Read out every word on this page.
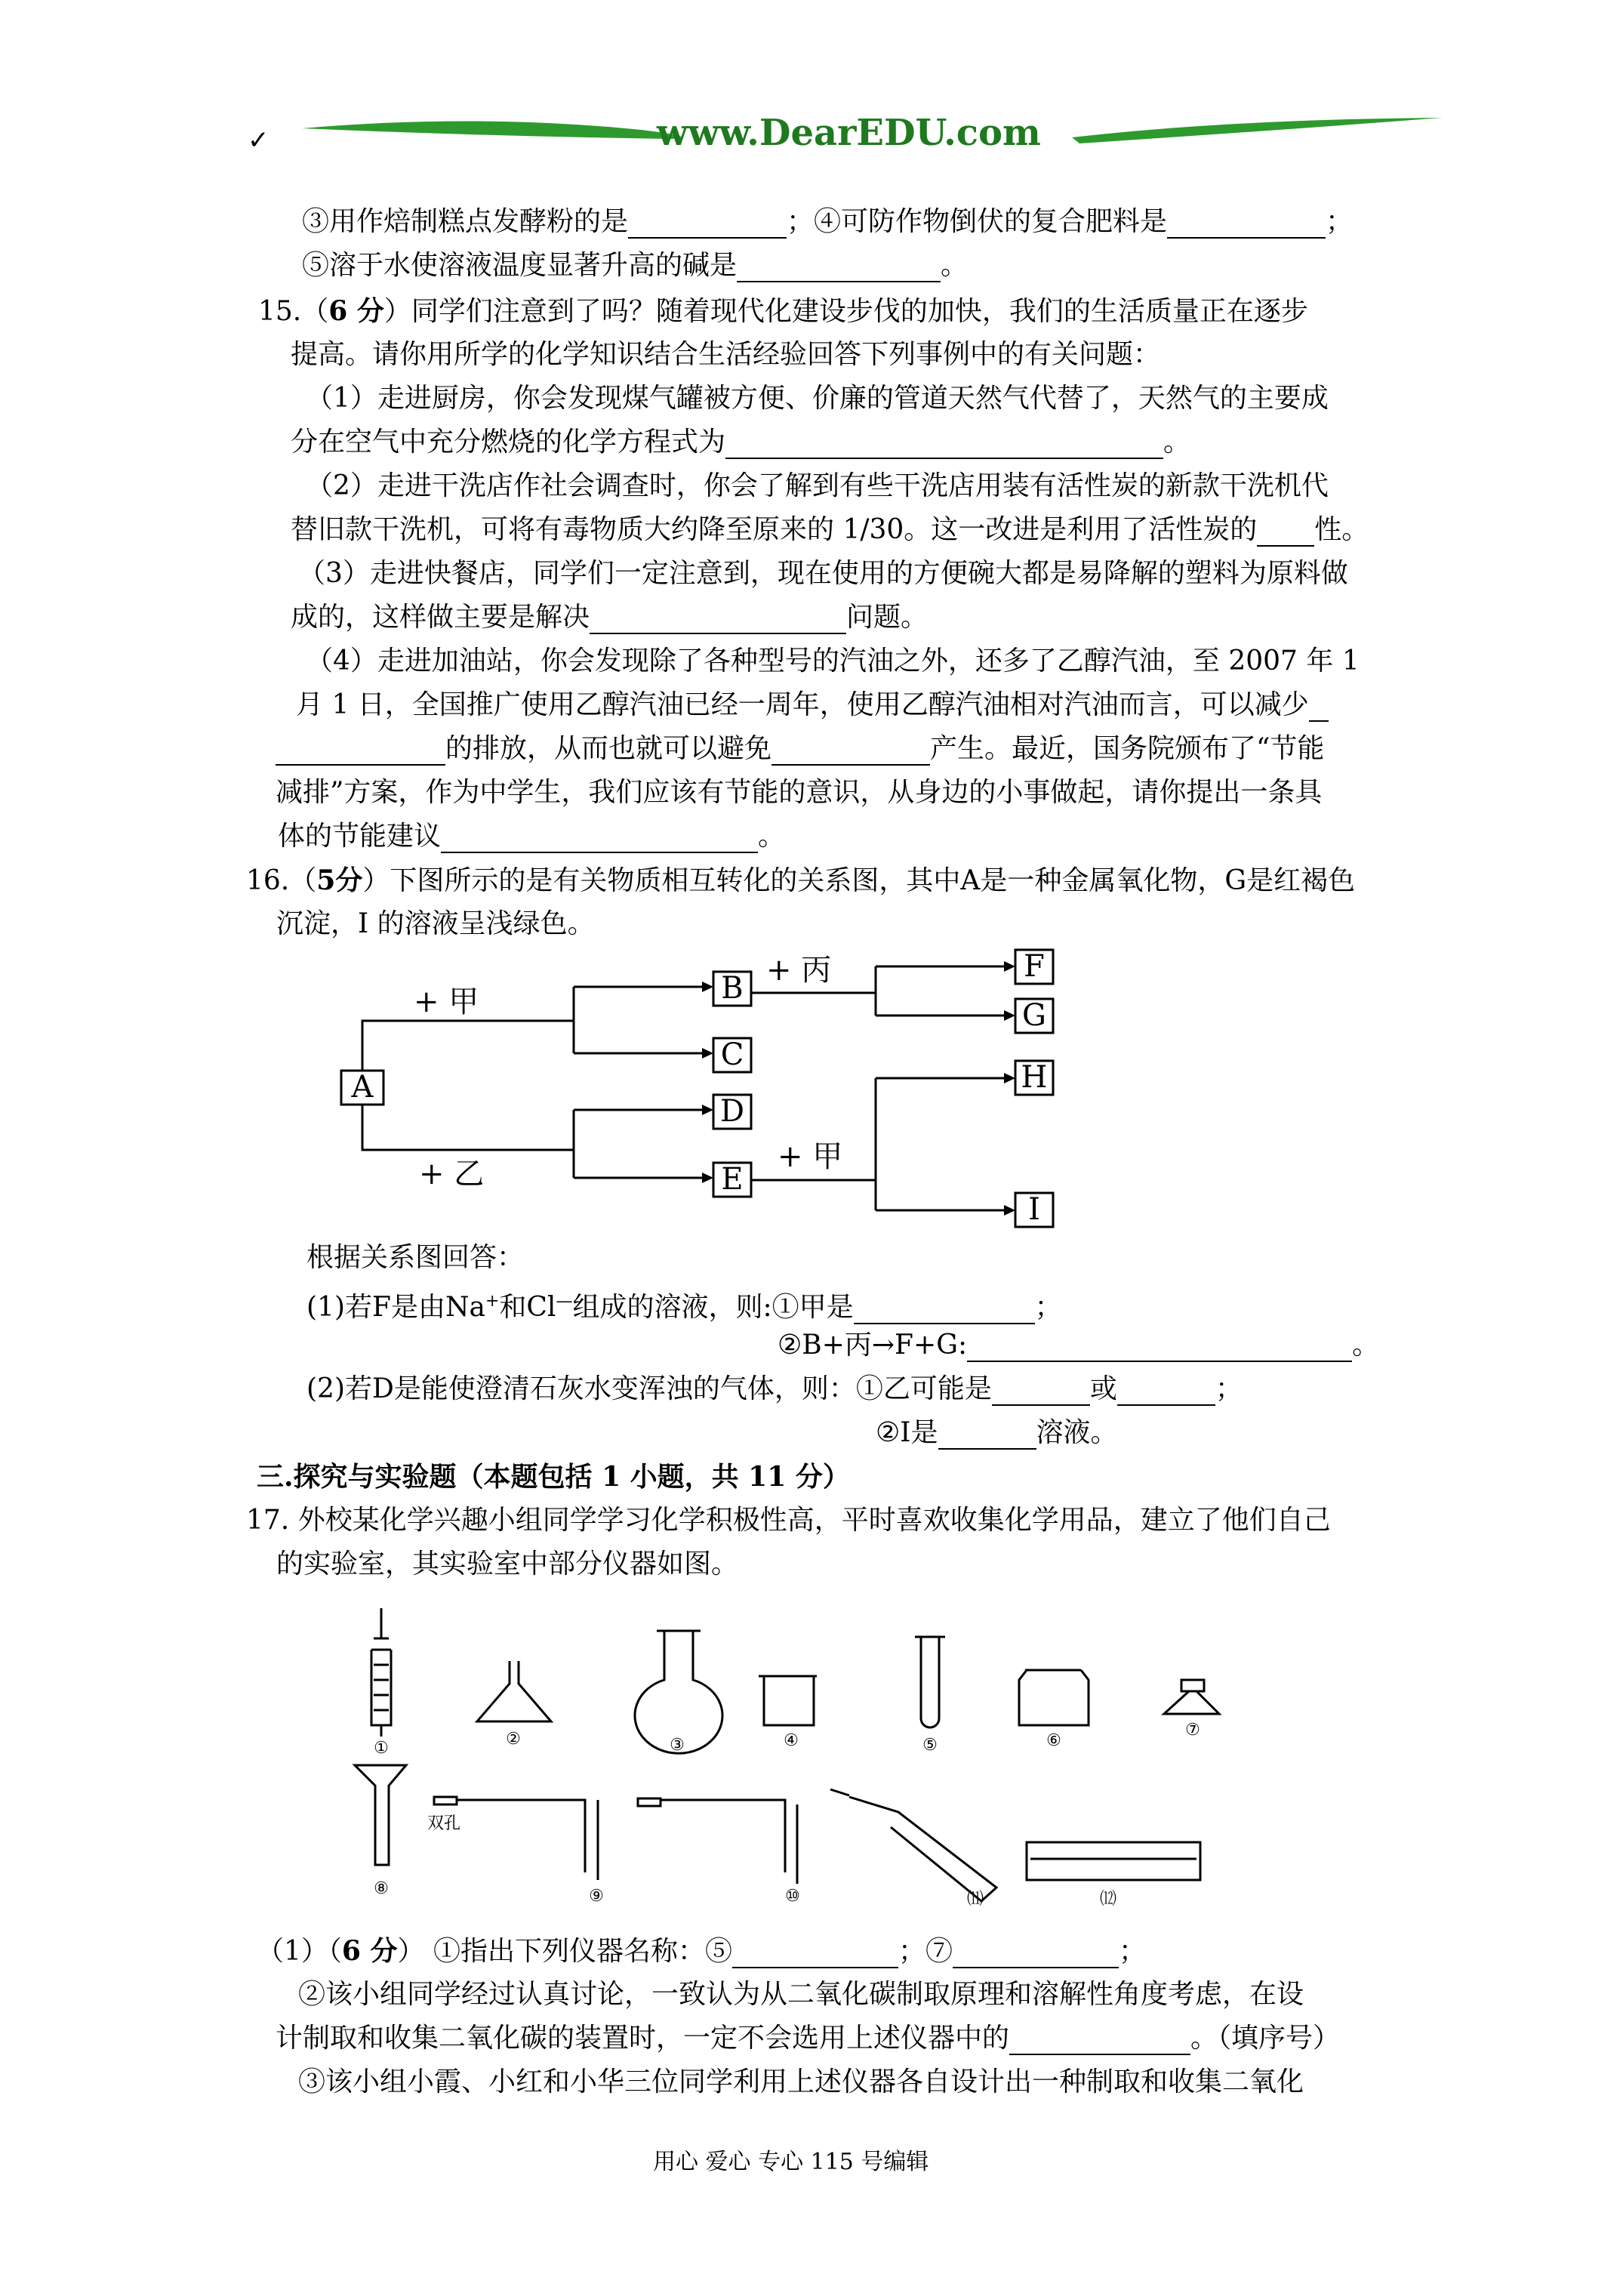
✓	www.DearEDU.com
③用作焙制糕点发酵粉的是	；④可防作物倒伏的复合肥料是	；
⑤溶于水使溶液温度显著升高的碱是	。
15.（6 分）同学们注意到了吗？随着现代化建设步伐的加快，我们的生活质量正在逐步
提高。请你用所学的化学知识结合生活经验回答下列事例中的有关问题：
（1）走进厨房，你会发现煤气罐被方便、价廉的管道天然气代替了，天然气的主要成
分在空气中充分燃烧的化学方程式为	。
（2）走进干洗店作社会调查时，你会了解到有些干洗店用装有活性炭的新款干洗机代
替旧款干洗机，可将有毒物质大约降至原来的 1/30。这一改进是利用了活性炭的 性。
（3）走进快餐店，同学们一定注意到，现在使用的方便碗大都是易降解的塑料为原料做
成的，这样做主要是解决	问题。
（4）走进加油站，你会发现除了各种型号的汽油之外，还多了乙醇汽油，至 2007 年 1
月 1 日，全国推广使用乙醇汽油已经一周年，使用乙醇汽油相对汽油而言，可以减少
的排放，从而也就可以避免	产生。最近，国务院颁布了“节能
减排”方案，作为中学生，我们应该有节能的意识，从身边的小事做起，请你提出一条具
体的节能建议	。
16.（5分）下图所示的是有关物质相互转化的关系图，其中A是一种金属氧化物，G是红褐色
沉淀，I 的溶液呈浅绿色。
A
B
C
D
E
F
G
H
I
+ 甲
+ 丙
+ 乙	+ 甲
根据关系图回答：
(1)若F是由Na+和Cl—组成的溶液，则:①甲是	；
②B+丙→F+G:	。
(2)若D是能使澄清石灰水变浑浊的气体，则：①乙可能是	或	；
②I是	溶液。
三.探究与实验题（本题包括 1 小题，共 11 分）
17. 外校某化学兴趣小组同学学习化学积极性高，平时喜欢收集化学用品，建立了他们自己
的实验室，其实验室中部分仪器如图。
①	②	③	④	⑤	⑥
⑦
⑧	⑨	⑩	⑾	⑿
双孔
（1）（6 分） ①指出下列仪器名称：⑤	；⑦	；
②该小组同学经过认真讨论，一致认为从二氧化碳制取原理和溶解性角度考虑，在设
计制取和收集二氧化碳的装置时，一定不会选用上述仪器中的	。（填序号）
③该小组小霞、小红和小华三位同学利用上述仪器各自设计出一种制取和收集二氧化
用心 爱心 专心 115 号编辑
